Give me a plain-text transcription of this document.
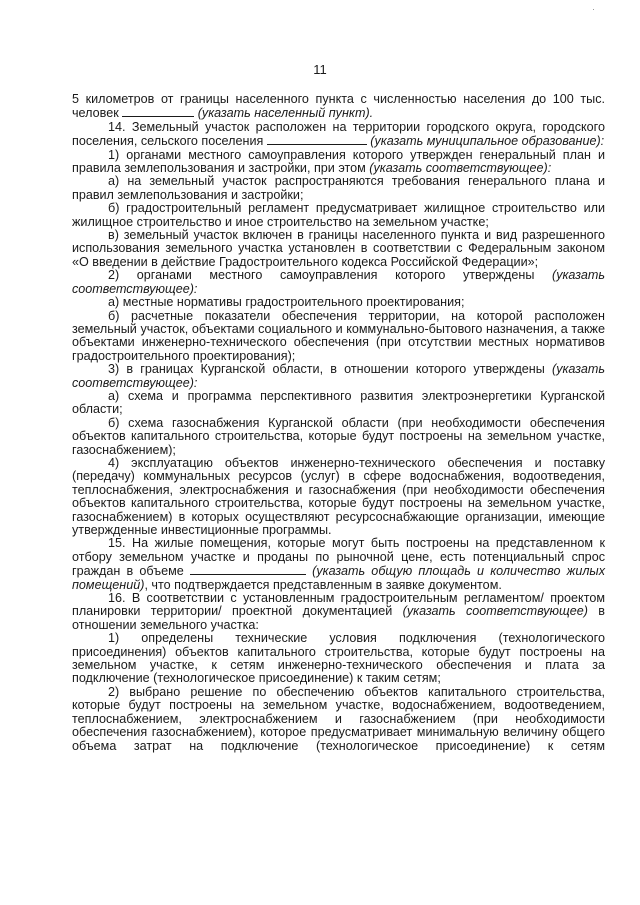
·
11

5 километров от границы населенного пункта с численностью населения до 100 тыс. человек	(указать населенный пункт).

14. Земельный участок расположен на территории городского округа, городского поселения, сельского поселения	(указать муниципальное образование):

1) органами местного самоуправления которого утвержден генеральный план и правила землепользования и застройки, при этом (указать соответствующее):

а) на земельный участок распространяются требования генерального плана и правил землепользования и застройки;

б) градостроительный регламент предусматривает жилищное строительство или жилищное строительство и иное строительство на земельном участке;

в) земельный участок включен в границы населенного пункта и вид разрешенного использования земельного участка установлен в соответствии с Федеральным законом «О введении в действие Градостроительного кодекса Российской Федерации»;

2) органами местного самоуправления которого утверждены (указать соответствующее):

а) местные нормативы градостроительного проектирования;

б) расчетные показатели обеспечения территории, на которой расположен земельный участок, объектами социального и коммунально-бытового назначения, а также объектами инженерно-технического обеспечения (при отсутствии местных нормативов градостроительного проектирования);

3) в границах Курганской области, в отношении которого утверждены (указать соответствующее):

а) схема и программа перспективного развития электроэнергетики Курганской области;

б) схема газоснабжения Курганской области (при необходимости обеспечения объектов капитального строительства, которые будут построены на земельном участке, газоснабжением);

4) эксплуатацию объектов инженерно-технического обеспечения и поставку (передачу) коммунальных ресурсов (услуг) в сфере водоснабжения, водоотведения, теплоснабжения, электроснабжения и газоснабжения (при необходимости обеспечения объектов капитального строительства, которые будут построены на земельном участке, газоснабжением) в которых осуществляют ресурсоснабжающие организации, имеющие утвержденные инвестиционные программы.

15. На жилые помещения, которые могут быть построены на представленном к отбору земельном участке и проданы по рыночной цене, есть потенциальный спрос граждан в объеме	(указать общую площадь и количество жилых помещений), что подтверждается представленным в заявке документом.

16. В соответствии с установленным градостроительным регламентом/ проектом планировки территории/ проектной документацией (указать соответствующее) в отношении земельного участка:

1) определены технические условия подключения (технологического присоединения) объектов капитального строительства, которые будут построены на земельном участке, к сетям инженерно-технического обеспечения и плата за подключение (технологическое присоединение) к таким сетям;

2) выбрано решение по обеспечению объектов капитального строительства, которые будут построены на земельном участке, водоснабжением, водоотведением, теплоснабжением, электроснабжением и газоснабжением (при необходимости обеспечения газоснабжением), которое предусматривает минимальную величину общего объема затрат на подключение (технологическое присоединение) к сетям
